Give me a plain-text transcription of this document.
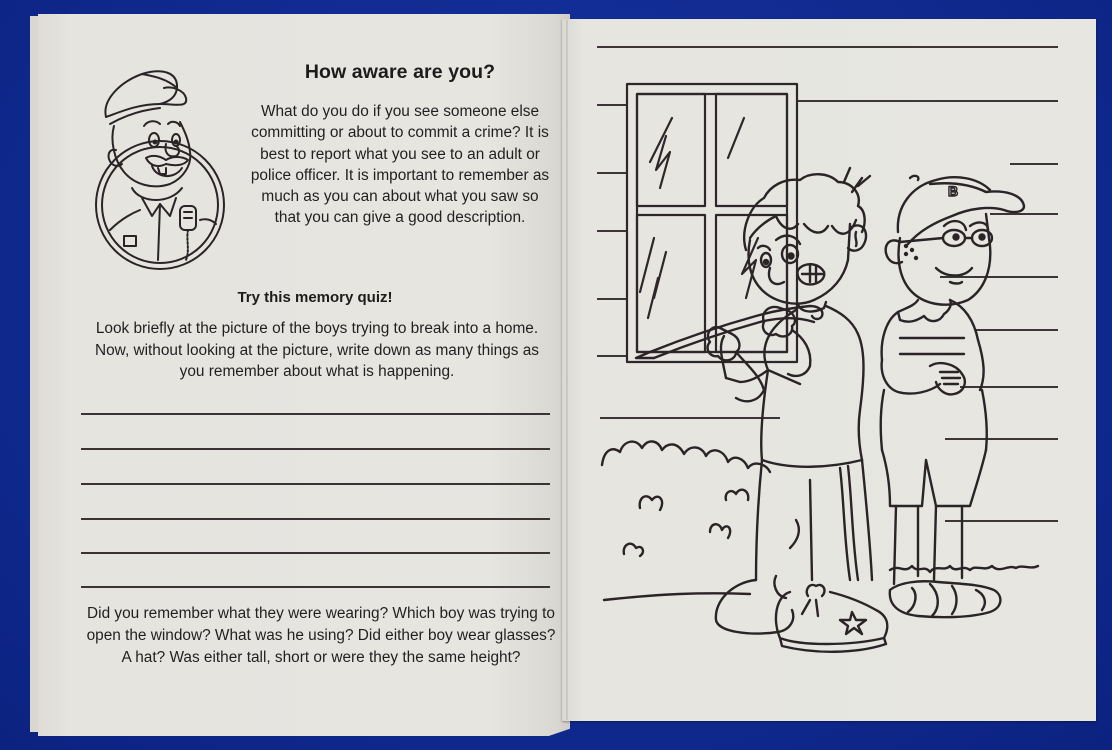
How aware are you?
What do you do if you see someone else committing or about to commit a crime? It is best to report what you see to an adult or police officer. It is important to remember as much as you can about what you saw so that you can give a good description.
Try this memory quiz!
Look briefly at the picture of the boys trying to break into a home. Now, without looking at the picture, write down as many things as you remember about what is happening.
Did you remember what they were wearing? Which boy was trying to open the window? What was he using? Did either boy wear glasses? A hat? Was either tall, short or were they the same height?
B
